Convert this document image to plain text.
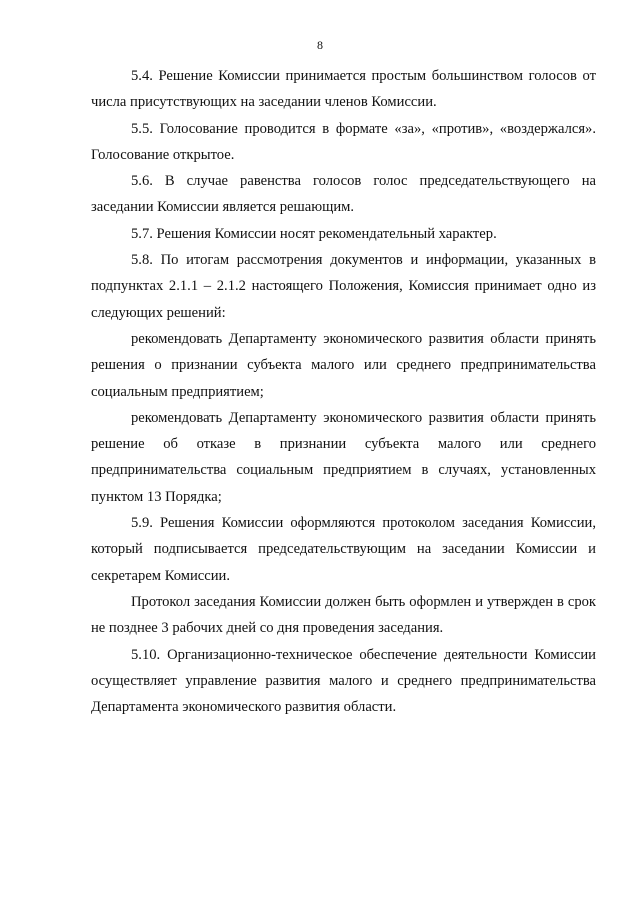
8

5.4. Решение Комиссии принимается простым большинством голосов от числа присутствующих на заседании членов Комиссии.

5.5. Голосование проводится в формате «за», «против», «воздержался». Голосование открытое.

5.6. В случае равенства голосов голос председательствующего на заседании Комиссии является решающим.

5.7. Решения Комиссии носят рекомендательный характер.

5.8. По итогам рассмотрения документов и информации, указанных в подпунктах 2.1.1 – 2.1.2 настоящего Положения, Комиссия принимает одно из следующих решений:

рекомендовать Департаменту экономического развития области принять решения о признании субъекта малого или среднего предпринимательства социальным предприятием;

рекомендовать Департаменту экономического развития области принять решение об отказе в признании субъекта малого или среднего предпринимательства социальным предприятием в случаях, установленных пунктом 13 Порядка;

5.9. Решения Комиссии оформляются протоколом заседания Комиссии, который подписывается председательствующим на заседании Комиссии и секретарем Комиссии.

Протокол заседания Комиссии должен быть оформлен и утвержден в срок не позднее 3 рабочих дней со дня проведения заседания.

5.10. Организационно-техническое обеспечение деятельности Комиссии осуществляет управление развития малого и среднего предпринимательства Департамента экономического развития области.
